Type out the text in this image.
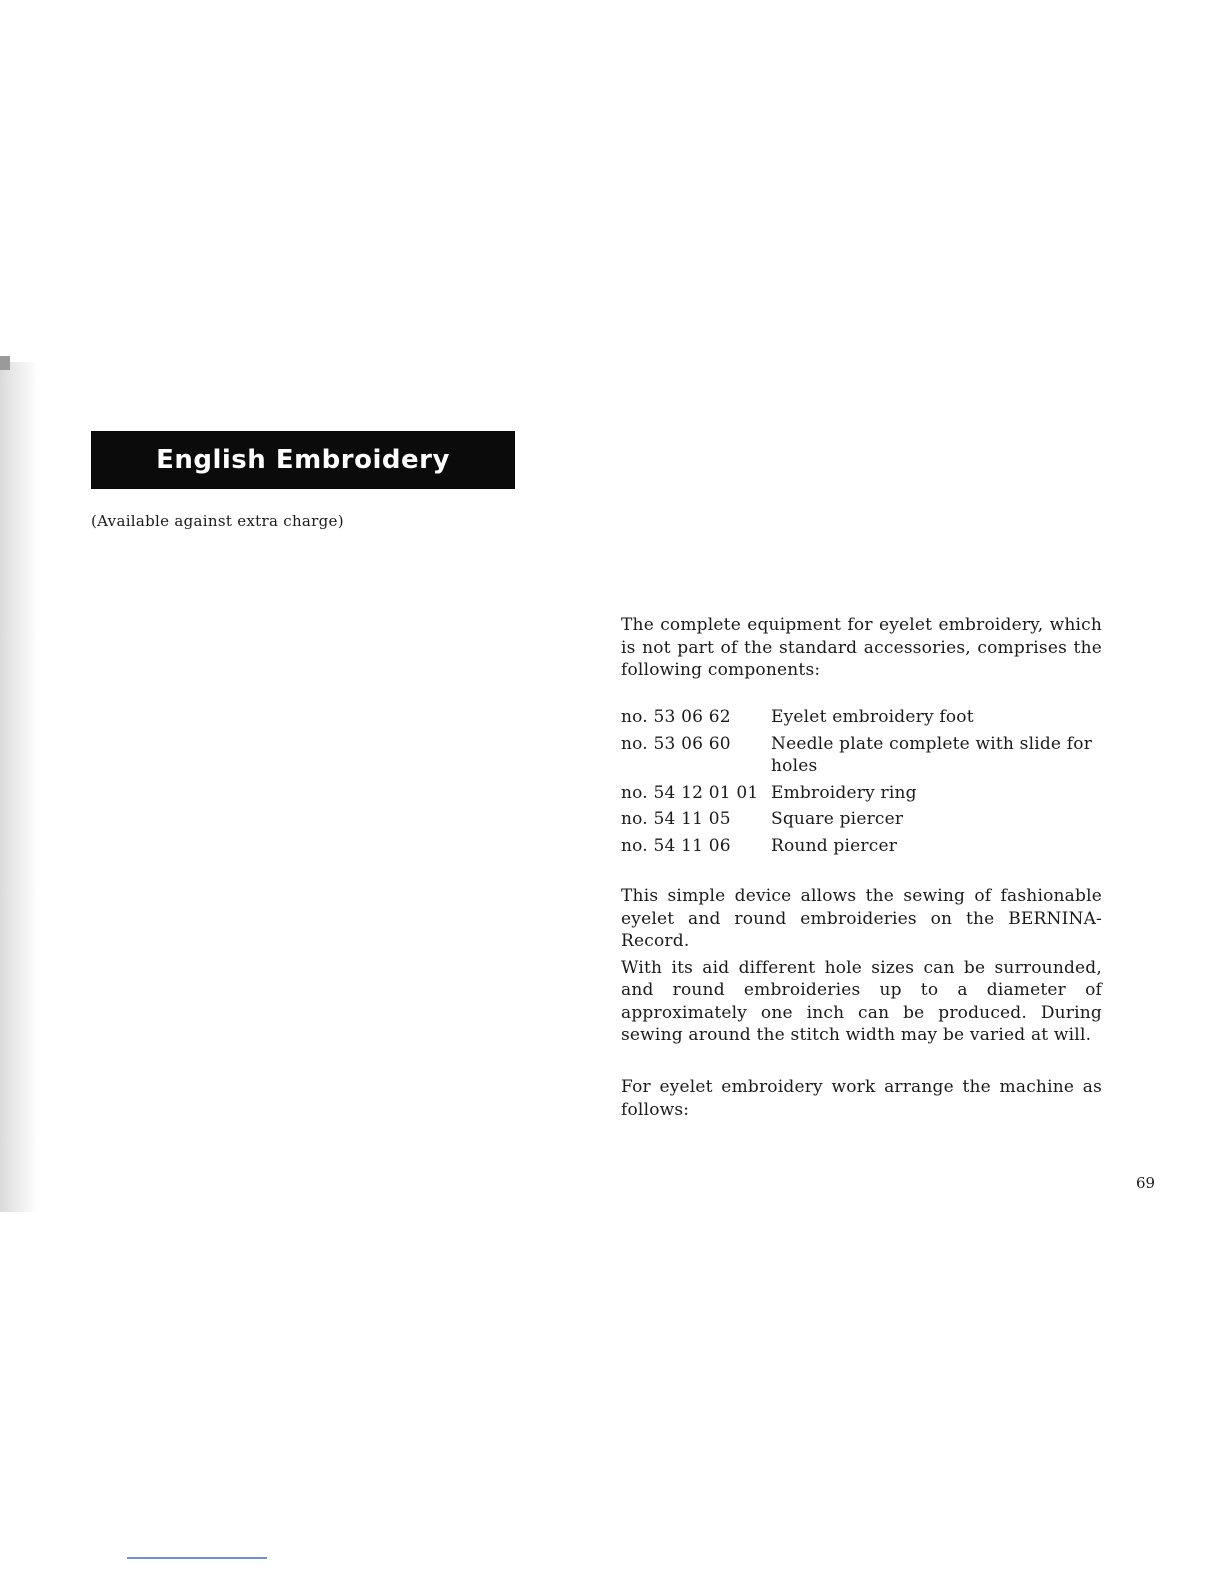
English Embroidery
(Available against extra charge)

The complete equipment for eyelet embroidery, which is not part of the standard accessories, comprises the following components:

no. 53 06 62	Eyelet embroidery foot
no. 53 06 60	Needle plate complete with slide for holes
no. 54 12 01 01 Embroidery ring
no. 54 11 05	Square piercer
no. 54 11 06	Round piercer

This simple device allows the sewing of fashionable eyelet and round embroideries on the BERNINA-Record.

With its aid different hole sizes can be surrounded, and round embroideries up to a diameter of approximately one inch can be produced. During sewing around the stitch width may be varied at will.

For eyelet embroidery work arrange the machine as follows:

69
